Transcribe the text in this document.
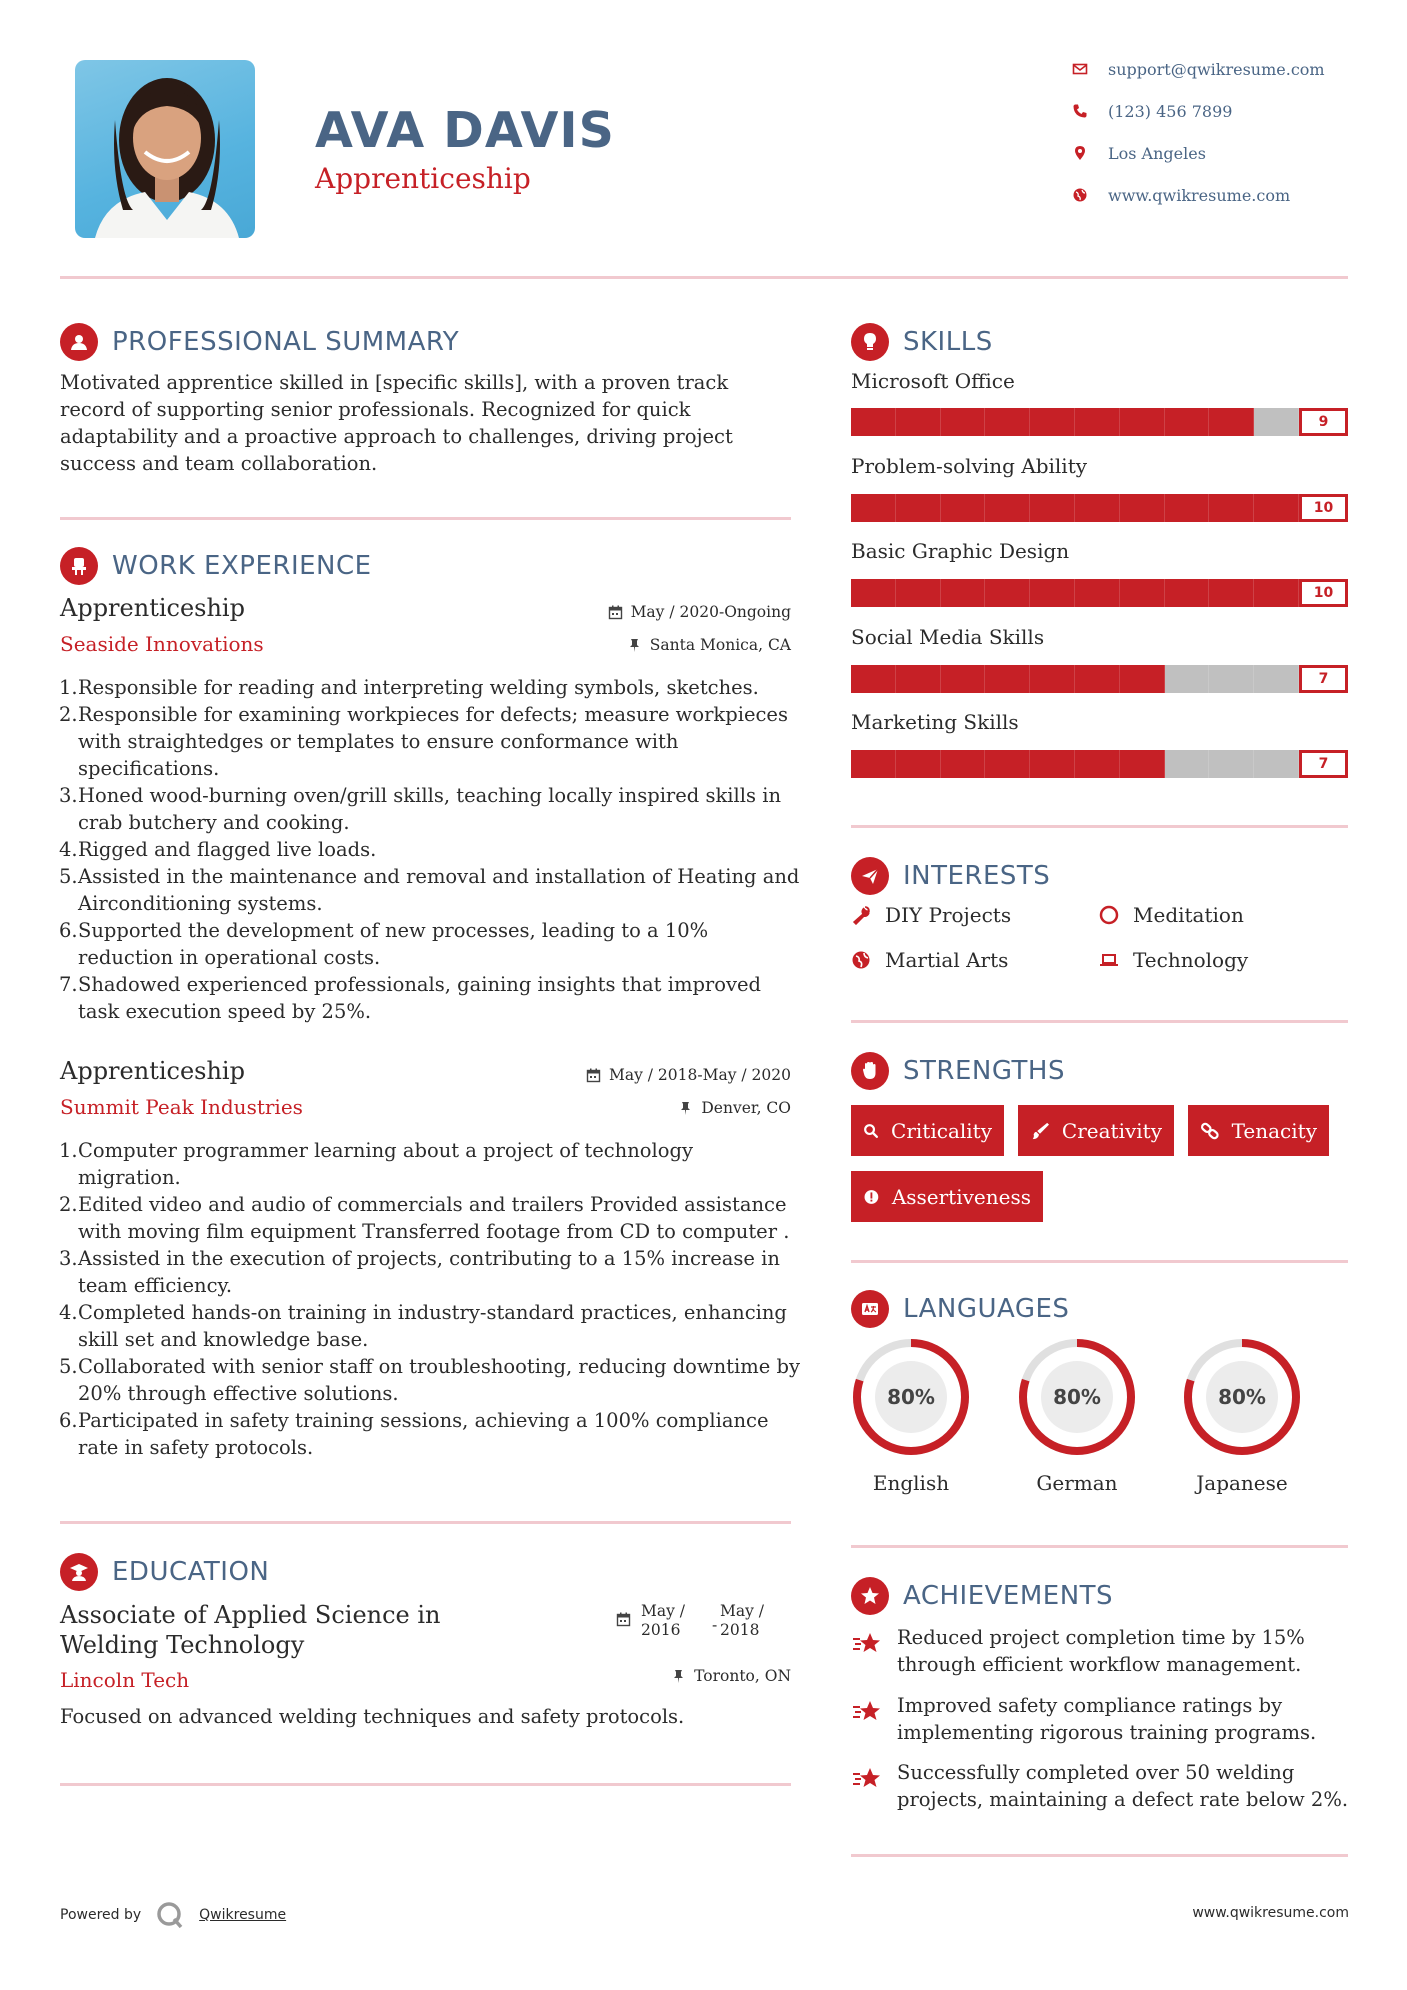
AVA DAVIS
Apprenticeship
support@qwikresume.com
(123) 456 7899
Los Angeles
www.qwikresume.com
PROFESSIONAL SUMMARY
Motivated apprentice skilled in [specific skills], with a proven track record of supporting senior professionals. Recognized for quick adaptability and a proactive approach to challenges, driving project success and team collaboration.
WORK EXPERIENCE
Apprenticeship
Seaside Innovations
May / 2020-Ongoing
Santa Monica, CA
Responsible for reading and interpreting welding symbols, sketches.
Responsible for examining workpieces for defects; measure workpieces with straightedges or templates to ensure conformance with specifications.
Honed wood-burning oven/grill skills, teaching locally inspired skills in crab butchery and cooking.
Rigged and flagged live loads.
Assisted in the maintenance and removal and installation of Heating and Airconditioning systems.
Supported the development of new processes, leading to a 10% reduction in operational costs.
Shadowed experienced professionals, gaining insights that improved task execution speed by 25%.
Apprenticeship
Summit Peak Industries
May / 2018-May / 2020
Denver, CO
Computer programmer learning about a project of technology migration.
Edited video and audio of commercials and trailers Provided assistance with moving film equipment Transferred footage from CD to computer .
Assisted in the execution of projects, contributing to a 15% increase in team efficiency.
Completed hands-on training in industry-standard practices, enhancing skill set and knowledge base.
Collaborated with senior staff on troubleshooting, reducing downtime by 20% through effective solutions.
Participated in safety training sessions, achieving a 100% compliance rate in safety protocols.
EDUCATION
Associate of Applied Science in Welding Technology
Lincoln Tech
May /
2016 -
May /
2018
Toronto, ON
Focused on advanced welding techniques and safety protocols.
SKILLS
Microsoft Office
9
Problem-solving Ability
10
Basic Graphic Design
10
Social Media Skills
7
Marketing Skills
7
INTERESTS
DIY Projects	Meditation
Martial Arts	Technology
STRENGTHS
Criticality	Creativity	Tenacity
Assertiveness
LANGUAGES
80%
English
80%
German
80%
Japanese
ACHIEVEMENTS
Reduced project completion time by 15% through efficient workflow management.
Improved safety compliance ratings by implementing rigorous training programs.
Successfully completed over 50 welding projects, maintaining a defect rate below 2%.
Powered by	Qwikresume	www.qwikresume.com
